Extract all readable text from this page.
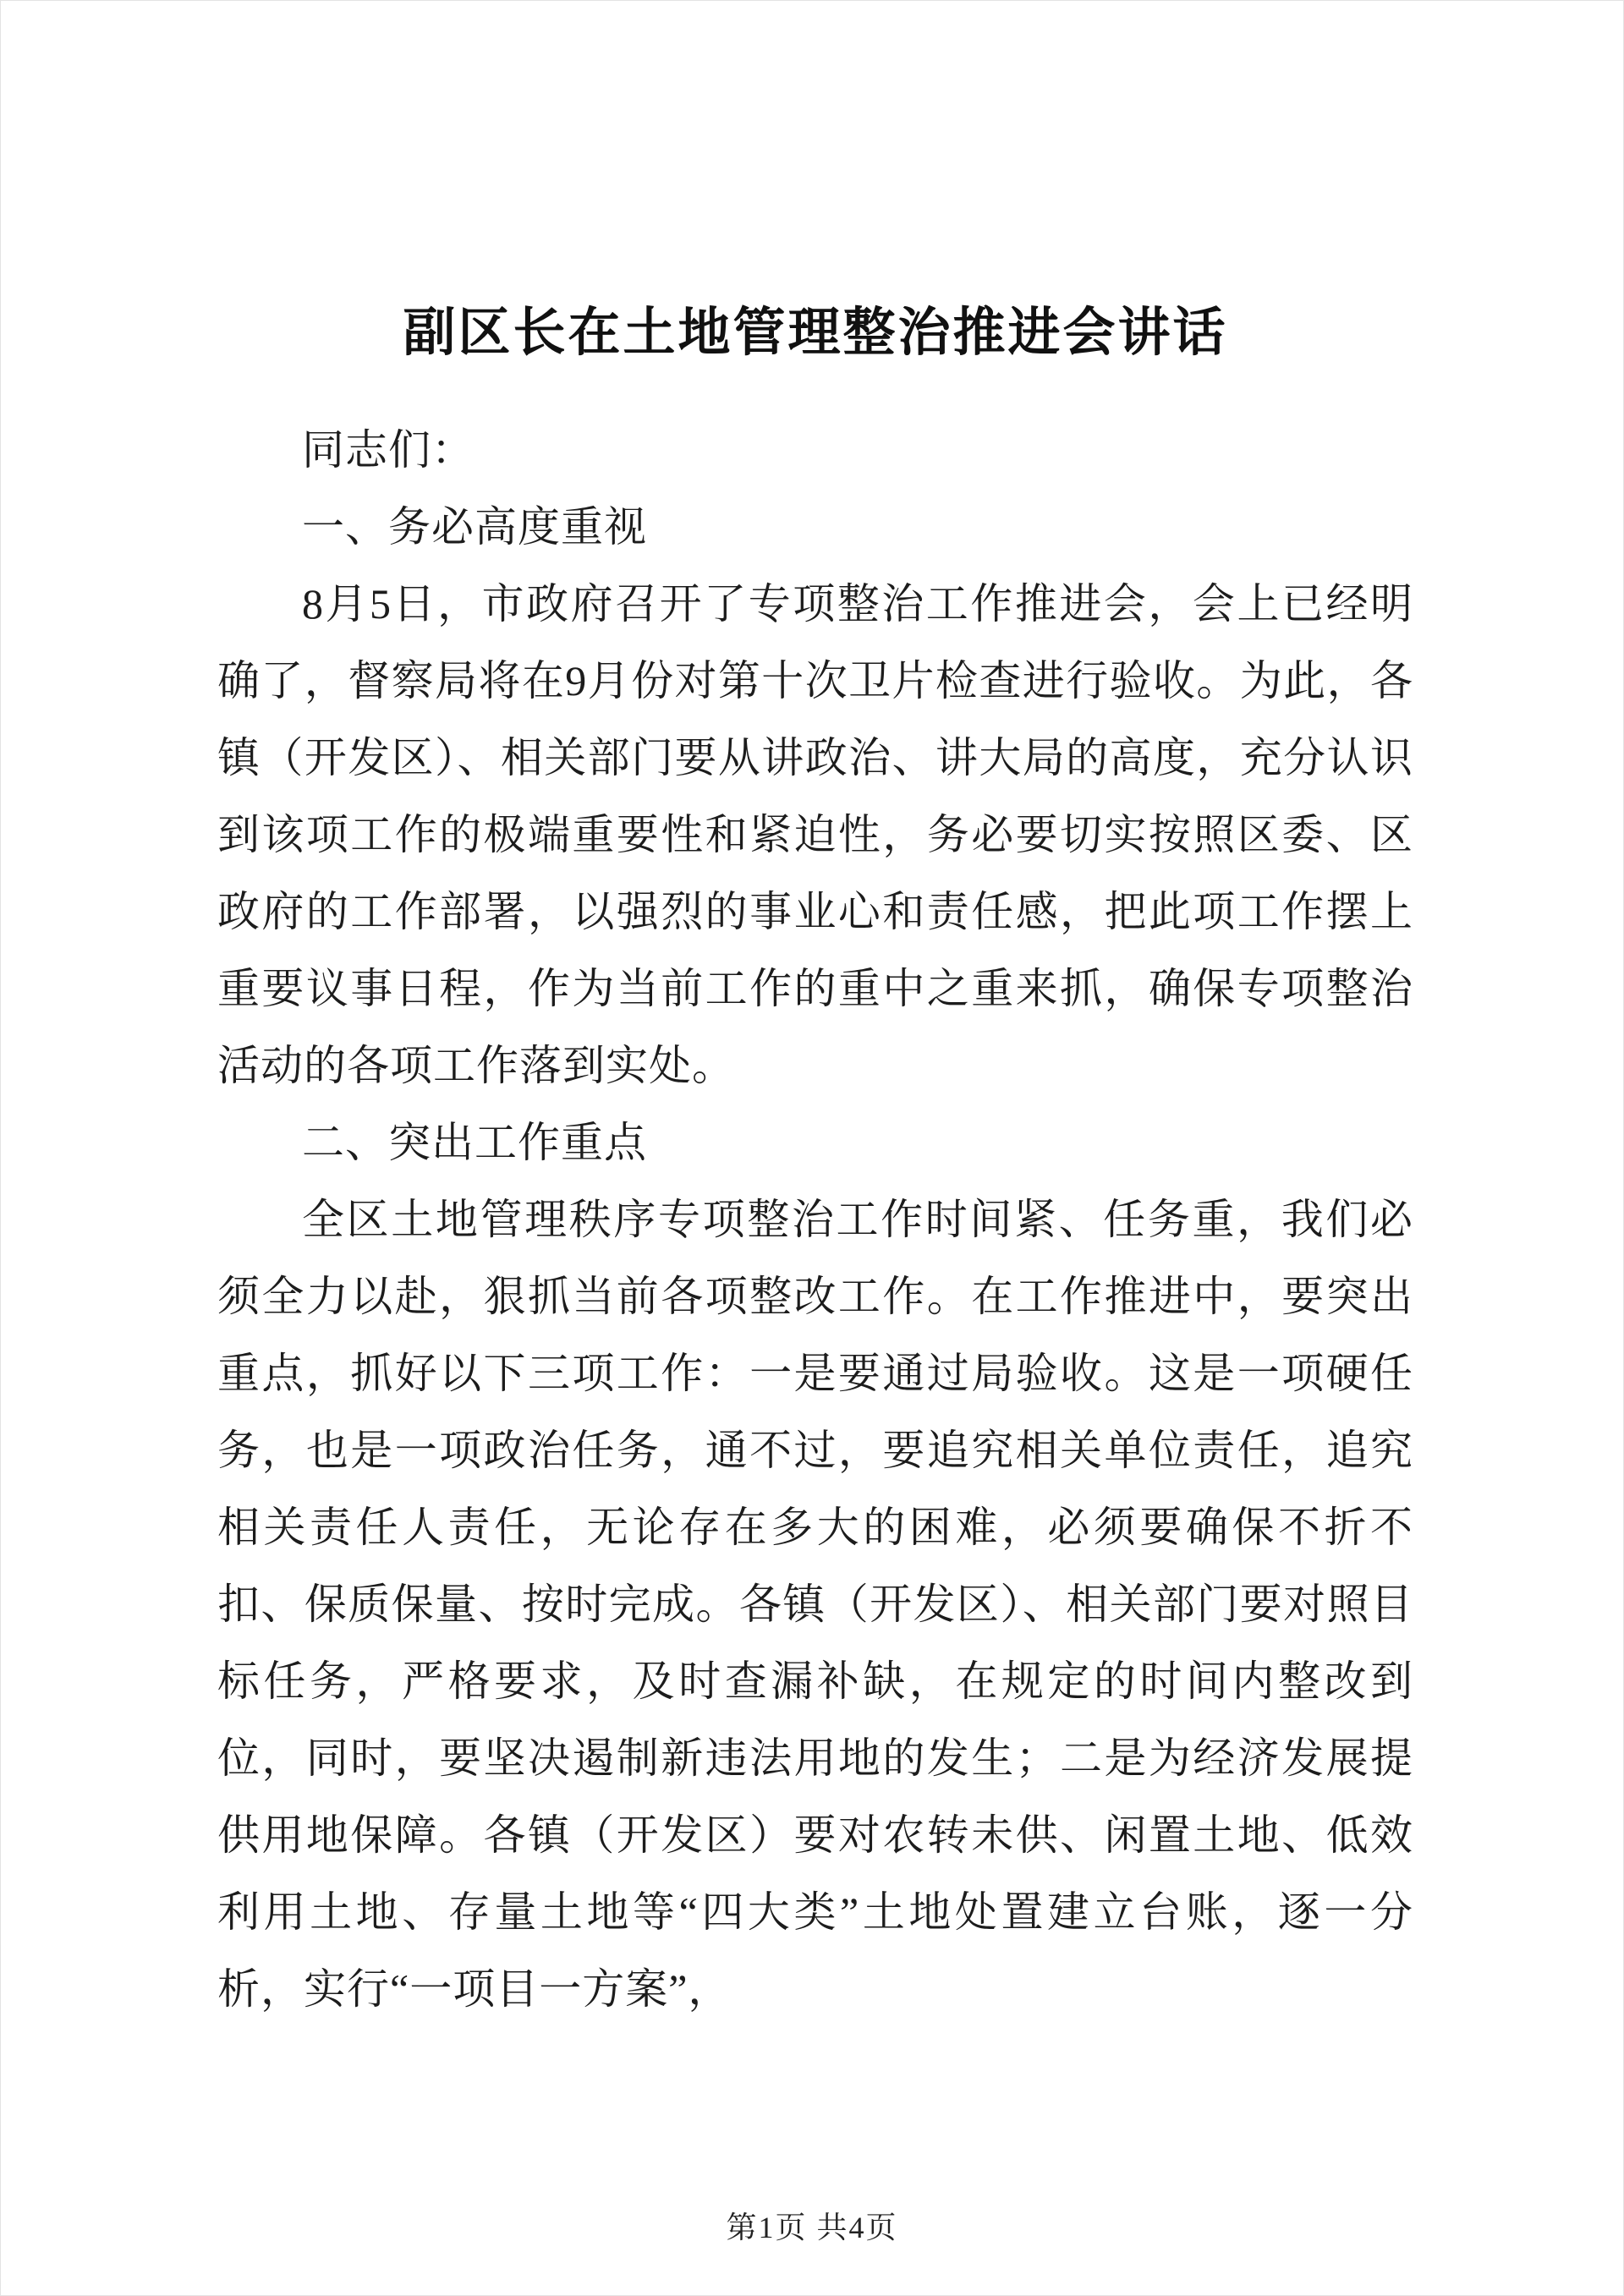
副区长在土地管理整治推进会讲话

同志们：

一、务必高度重视

8月5日，市政府召开了专项整治工作推进会，会上已经明确了，督察局将在9月份对第十次卫片检查进行验收。为此，各镇（开发区）、相关部门要从讲政治、讲大局的高度，充分认识到该项工作的极端重要性和紧迫性，务必要切实按照区委、区政府的工作部署，以强烈的事业心和责任感，把此项工作摆上重要议事日程，作为当前工作的重中之重来抓，确保专项整治活动的各项工作落到实处。

二、突出工作重点

全区土地管理秩序专项整治工作时间紧、任务重，我们必须全力以赴，狠抓当前各项整改工作。在工作推进中，要突出重点，抓好以下三项工作：一是要通过局验收。这是一项硬任务，也是一项政治任务，通不过，要追究相关单位责任，追究相关责任人责任，无论存在多大的困难，必须要确保不折不扣、保质保量、按时完成。各镇（开发区）、相关部门要对照目标任务，严格要求，及时查漏补缺，在规定的时间内整改到位，同时，要坚决遏制新违法用地的发生；二是为经济发展提供用地保障。各镇（开发区）要对农转未供、闲置土地、低效利用土地、存量土地等“四大类”土地处置建立台账，逐一分析，实行“一项目一方案”，

第1页 共4页
